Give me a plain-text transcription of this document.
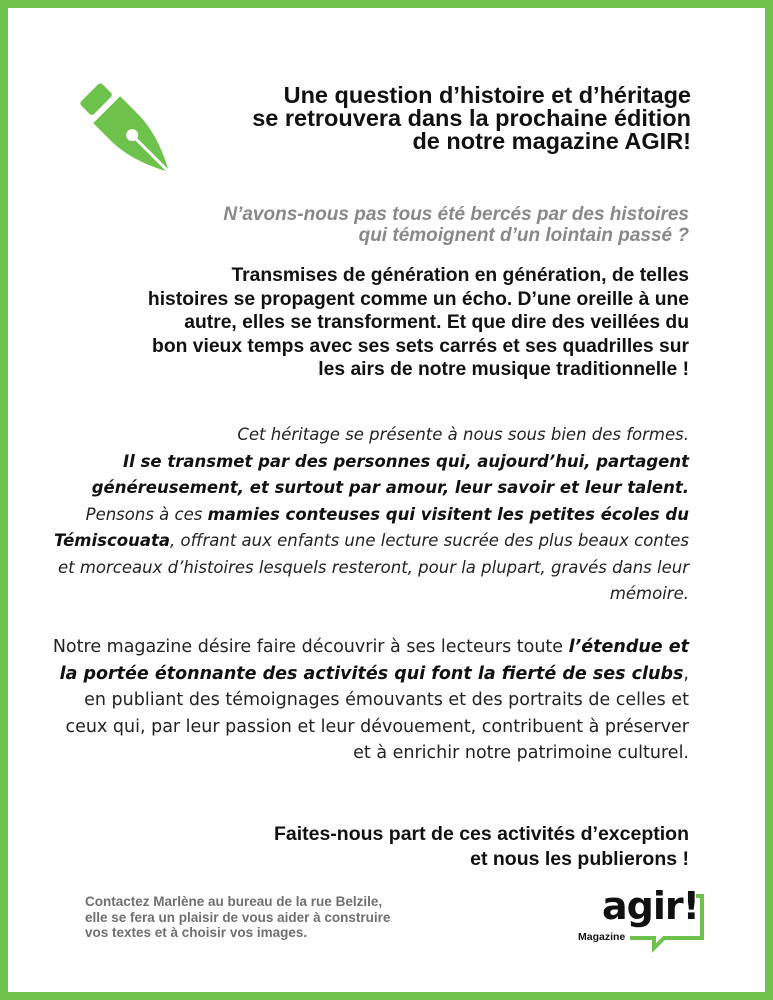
Une question d’histoire et d’héritage
se retrouvera dans la prochaine édition
de notre magazine AGIR!
N’avons-nous pas tous été bercés par des histoires
qui témoignent d’un lointain passé ?
Transmises de génération en génération, de telles
histoires se propagent comme un écho. D’une oreille à une
autre, elles se transforment. Et que dire des veillées du
bon vieux temps avec ses sets carrés et ses quadrilles sur
les airs de notre musique traditionnelle !
Cet héritage se présente à nous sous bien des formes.
Il se transmet par des personnes qui, aujourd’hui, partagent généreusement, et surtout par amour, leur savoir et leur talent. Pensons à ces mamies conteuses qui visitent les petites écoles du Témiscouata, offrant aux enfants une lecture sucrée des plus beaux contes et morceaux d’histoires lesquels resteront, pour la plupart, gravés dans leur mémoire.
Notre magazine désire faire découvrir à ses lecteurs toute l’étendue et la portée étonnante des activités qui font la fierté de ses clubs, en publiant des témoignages émouvants et des portraits de celles et ceux qui, par leur passion et leur dévouement, contribuent à préserver et à enrichir notre patrimoine culturel.
Faites-nous part de ces activités d’exception
et nous les publierons !
Contactez Marlène au bureau de la rue Belzile,
elle se fera un plaisir de vous aider à construire
vos textes et à choisir vos images.
agir!
Magazine
